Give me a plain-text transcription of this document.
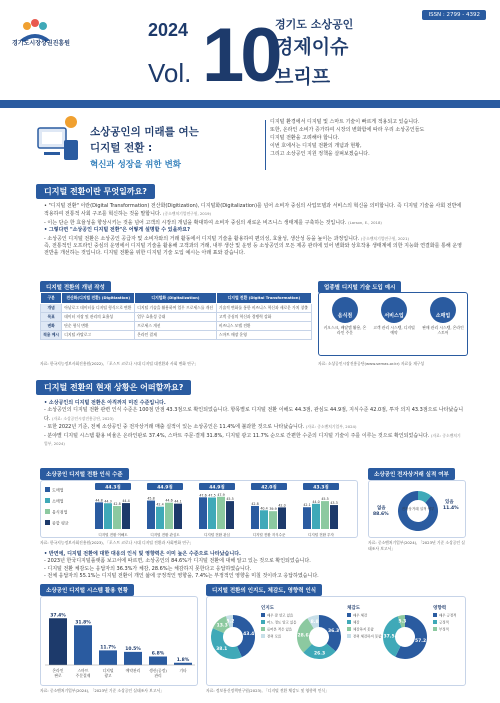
경기도시장상권진흥원
ISSN : 2799 - 4392
2024
Vol. 10
경기도 소상공인
경제이슈
브리프
소상공인의 미래를 여는
디지털 전환 :
혁신과 성장을 위한 변화
디지털 환경에서 디지털 및 스마트 기술이 빠르게 적용되고 있습니다.
또한, 온라인 소비가 증가하여 시장의 변화함에 따라 우리 소상공인들도
디지털 전환을 고려해야 합니다.
이번 호에서는 디지털 전환의 개념과 현황,
그리고 소상공인 지원 정책을 살펴보겠습니다.
디지털 전환이란 무엇일까요?
• "디지털 전환" 이란(Digital Transformation) 전산화(Digitization), 디지털화(Digitalization)를 넘어 소비자 중심의 사업모델과 서비스의 혁신을 의미합니다. 즉 디지털 기술을 사회 전반에 적용하여 전통적 사회 구조를 혁신하는 것을 말합니다. (중소벤처기업연구원, 2019)
- 이는 단순 한 효율성을 향상시키는 것을 넘어 고객의 시장의 개념을 확대하여 소비자 중심의 새로운 비즈니스 생태계를 구축하는 것입니다. (Larson, E., 2018)
• 그렇다면 "소상공인 디지털 전환"은 어떻게 설명할 수 있을까요?
- 소상공인 디지털 전환은 소상공인 공급자 및 소비자와의 거래 활동에서 디지털 기술을 활용하여 편의성, 효율성, 생산성 등을 높이는 과정입니다. (중소벤처기업연구원, 2021)
즉, 전통적인 오프라인 중심의 운영에서 디지털 기술을 활용해 고객과의 거래, 내부 생산 및 운영 등 소상공인의 모든 제공 관리에 있어 변화와 상호작용 생태계에 의한 지능화 연결화를 통해 운영 전반을 개선하는 것입니다. 디지털 전환을 위한 디지털 기술 도입 예시는 아래 표와 같습니다.
디지털 전환의 개념 작성
구분	전산화(디지털 전환) (Digitization)	디지털화 (Digitalization)	디지털 전환 (Digital Transformation)
개념	아날로그 데이터를 디지털 형식으로 변환	디지털 기술을 활용하여 업무 프로세스를 개선	기술적 변화를 통한 비즈니스 혁신과 새로운 가치 창출
목표	데이터 저장 및 관리의 효율성	업무 효율성 증대	고객 중심의 혁신과 경쟁력 강화
변화	단순 형식 변환	프로세스 개선	비즈니스 모델 전환
적용 예시	디지털 카탈로그	온라인 결제	스마트 매장 운영
자료: 한국지능정보사회진흥원(2022), 「포스트 코로나 시대 디지털 대전환과 사회 변화 연구」
업종별 디지털 기술 도입 예시
음식점
키오스크, 배달앱 활용, 온라인 주문
서비스업
고객 관리 시스템, 디지털 예약
소매업
판매 관리 시스템, 온라인 스토어
자료: 소상공인시장진흥공단(www.semas.or.kr) 자료를 재구성
디지털 전환의 현재 상황은 어떠할까요?
• 소상공인의 디지털 전환은 아직까지 미진 수준입니다.
- 소상공인의 디지털 전환 관련 인식 수준은 100점 만점 43.3점으로 확인되었습니다. 항목별로 디지털 전환 이해도 44.3점, 관심도 44.9점, 지식수준 42.0점, 투자 의지 43.3점으로 나타났습니다. (자료: 소상공인시장진흥공단, 2023)
- 또한 2022년 기준, 전체 소상공인 중 전자상거래 매출 실적이 있는 소상공인은 11.4%에 불과한 것으로 나타났습니다. (자료: 중소벤처기업부, 2024)
- 분야별 디지털 시스템 활용 비율은 온라인판로 37.4%, 스마트 주문·결제 31.8%, 디지털 광고 11.7% 순으로 간편한 수준의 디지털 기술이 주를 이루는 것으로 확인되었습니다. (자료: 중소벤처기업부, 2024)
소상공인 디지털 전환 인식 수준
도매업
소매업
음식점업
종합 평균
44.3점
44.8 44.3
42.8
44.4
디지털 전환 이해도
44.9점
45.8
42.4
44.6 44.1
디지털 전환 관심도
44.9점
47.6 47.5 47.9
45.5
디지털 전환 관심
42.0점
42.8
40.4 39.9
42.0
디지털 전환 지식수준
43.3점
42.1
44.0
45.5
43.3
디지털 전환 투자
자료: 한국지능정보사회진흥원(2023), 「포스트 코로나 시대 디지털 전환과 사회변화 연구」
소상공인 전자상거래 실적 여부
전자상거래 실적 여부
없음
88.6%
있음
11.4%
자료: 중소벤처기업부(2024), 「2023년 기준 소상공인 실태조사 보고서」
• 반면에, 디지털 전환에 대한 대응의 인식 및 영향력은 이미 높은 수준으로 나타났습니다.
- 2023년 한국디지털플랫폼 보고서에 따르면, 소상공인의 84.6%가 디지털 전환에 대해 알고 있는 것으로 확인되었습니다.
- 디지털 전환 체감도는 응답자의 36.3%가 체감, 28.6%는 체감하지 못한다고 응답하였습니다.
- 전체 응답자의 55.1%는 디지털 전환이 개인 삶에 긍정적인 영향을, 7.4%는 부정적인 영향을 미칠 것이라고 응답하였습니다.
소상공인 디지털 시스템 활용 현황
37.4%
온라인
판로
31.8%
스마트
주문결제
11.7%
디지털
광고
10.5%
예약관리
6.8%
생산(공정)
관리
1.8%
기타
자료: 중소벤처기업부(2024), 「2023년 기준 소상공인 실태조사 보고서」
디지털 전환의 인지도, 체감도, 영향력 인식
43.4
38.1
13.3
5.2
인지도
매우 잘 알고 있음
어느 정도 알고 있음
들어본 적은 있음
전혀 모름
36.3
26.3
28.6
8.8
체감도
매우 체감
체감
체감하지 못함
전혀 체감하지 못함
57.2
37.5
5.3
영향력
매우 긍정적
긍정적
부정적
자료: 정보통신정책연구원(2023), 「디지털 전환 체감도 및 영향력 인식」
